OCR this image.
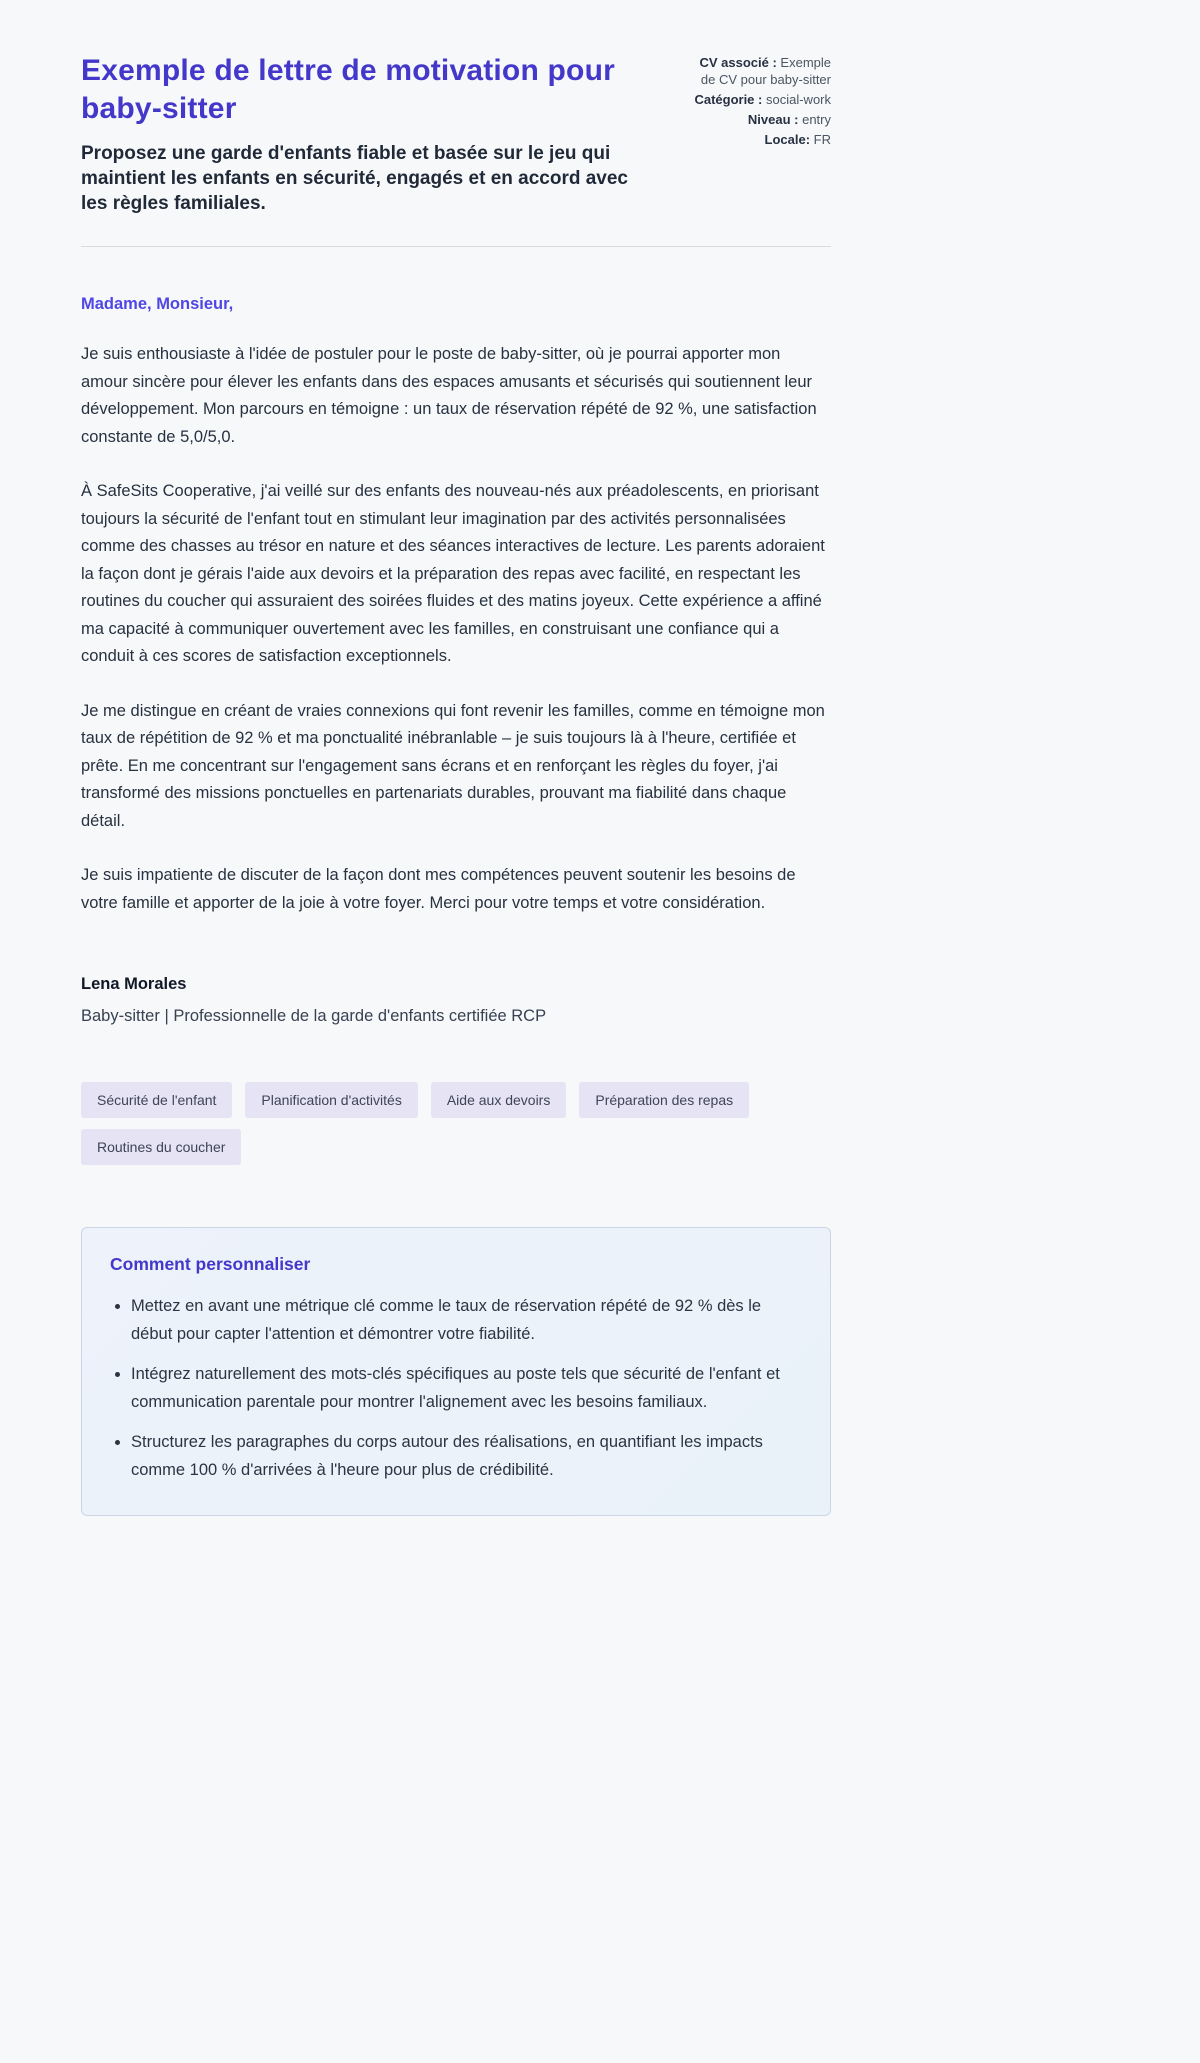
Exemple de lettre de motivation pour baby-sitter

Proposez une garde d'enfants fiable et basée sur le jeu qui maintient les enfants en sécurité, engagés et en accord avec les règles familiales.

CV associé : Exemple de CV pour baby-sitter
Catégorie : social-work
Niveau : entry
Locale: FR
Madame, Monsieur,

Je suis enthousiaste à l'idée de postuler pour le poste de baby-sitter, où je pourrai apporter mon amour sincère pour élever les enfants dans des espaces amusants et sécurisés qui soutiennent leur développement. Mon parcours en témoigne : un taux de réservation répété de 92 %, une satisfaction constante de 5,0/5,0.

À SafeSits Cooperative, j'ai veillé sur des enfants des nouveau-nés aux préadolescents, en priorisant toujours la sécurité de l'enfant tout en stimulant leur imagination par des activités personnalisées comme des chasses au trésor en nature et des séances interactives de lecture. Les parents adoraient la façon dont je gérais l'aide aux devoirs et la préparation des repas avec facilité, en respectant les routines du coucher qui assuraient des soirées fluides et des matins joyeux. Cette expérience a affiné ma capacité à communiquer ouvertement avec les familles, en construisant une confiance qui a conduit à ces scores de satisfaction exceptionnels.

Je me distingue en créant de vraies connexions qui font revenir les familles, comme en témoigne mon taux de répétition de 92 % et ma ponctualité inébranlable – je suis toujours là à l'heure, certifiée et prête. En me concentrant sur l'engagement sans écrans et en renforçant les règles du foyer, j'ai transformé des missions ponctuelles en partenariats durables, prouvant ma fiabilité dans chaque détail.

Je suis impatiente de discuter de la façon dont mes compétences peuvent soutenir les besoins de votre famille et apporter de la joie à votre foyer. Merci pour votre temps et votre considération.

Lena Morales
Baby-sitter | Professionnelle de la garde d'enfants certifiée RCP
Sécurité de l'enfant	Planification d'activités	Aide aux devoirs	Préparation des repas
Routines du coucher
Comment personnaliser
• Mettez en avant une métrique clé comme le taux de réservation répété de 92 % dès le début pour capter l'attention et démontrer votre fiabilité.
• Intégrez naturellement des mots-clés spécifiques au poste tels que sécurité de l'enfant et communication parentale pour montrer l'alignement avec les besoins familiaux.
• Structurez les paragraphes du corps autour des réalisations, en quantifiant les impacts comme 100 % d'arrivées à l'heure pour plus de crédibilité.
